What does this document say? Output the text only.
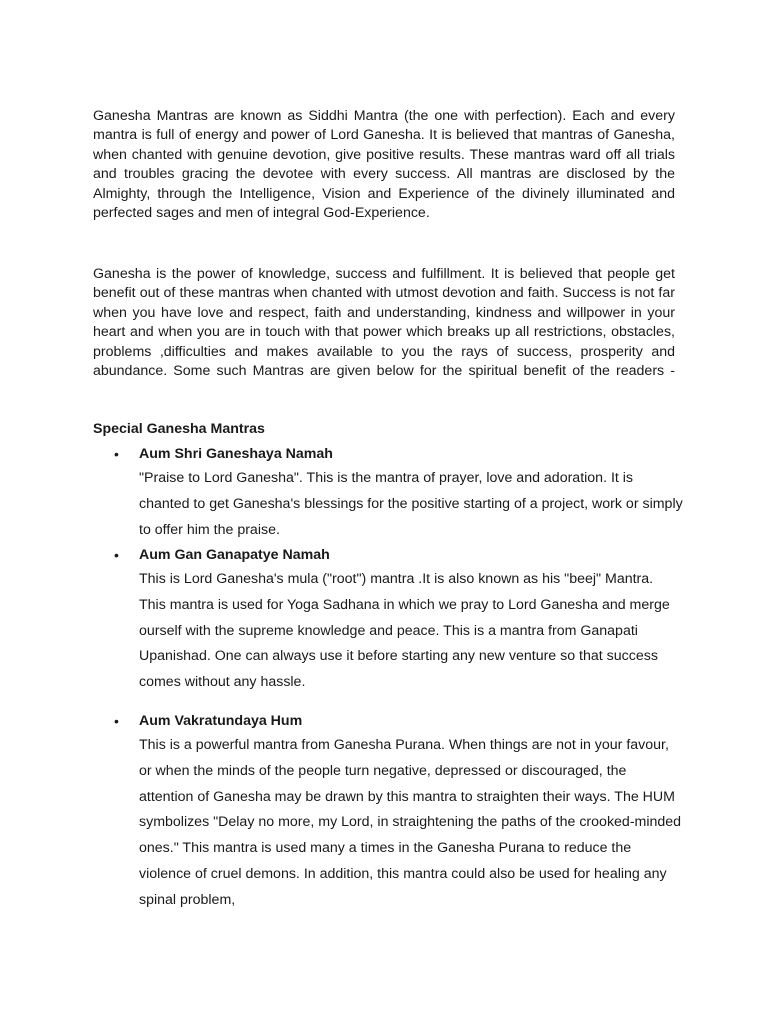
Ganesha Mantras are known as Siddhi Mantra (the one with perfection). Each and every mantra is full of energy and power of Lord Ganesha. It is believed that mantras of Ganesha, when chanted with genuine devotion, give positive results. These mantras ward off all trials and troubles gracing the devotee with every success. All mantras are disclosed by the Almighty, through the Intelligence, Vision and Experience of the divinely illuminated and perfected sages and men of integral God-Experience.

Ganesha is the power of knowledge, success and fulfillment. It is believed that people get benefit out of these mantras when chanted with utmost devotion and faith. Success is not far when you have love and respect, faith and understanding, kindness and willpower in your heart and when you are in touch with that power which breaks up all restrictions, obstacles, problems ,difficulties and makes available to you the rays of success, prosperity and abundance. Some such Mantras are given below for the spiritual benefit of the readers -

Special Ganesha Mantras
• Aum Shri Ganeshaya Namah
"Praise to Lord Ganesha". This is the mantra of prayer, love and adoration. It is chanted to get Ganesha's blessings for the positive starting of a project, work or simply to offer him the praise.
• Aum Gan Ganapatye Namah
This is Lord Ganesha's mula ("root") mantra .It is also known as his "beej" Mantra. This mantra is used for Yoga Sadhana in which we pray to Lord Ganesha and merge ourself with the supreme knowledge and peace. This is a mantra from Ganapati Upanishad. One can always use it before starting any new venture so that success comes without any hassle.
• Aum Vakratundaya Hum
This is a powerful mantra from Ganesha Purana. When things are not in your favour, or when the minds of the people turn negative, depressed or discouraged, the attention of Ganesha may be drawn by this mantra to straighten their ways. The HUM symbolizes "Delay no more, my Lord, in straightening the paths of the crooked-minded ones." This mantra is used many a times in the Ganesha Purana to reduce the violence of cruel demons. In addition, this mantra could also be used for healing any spinal problem,
